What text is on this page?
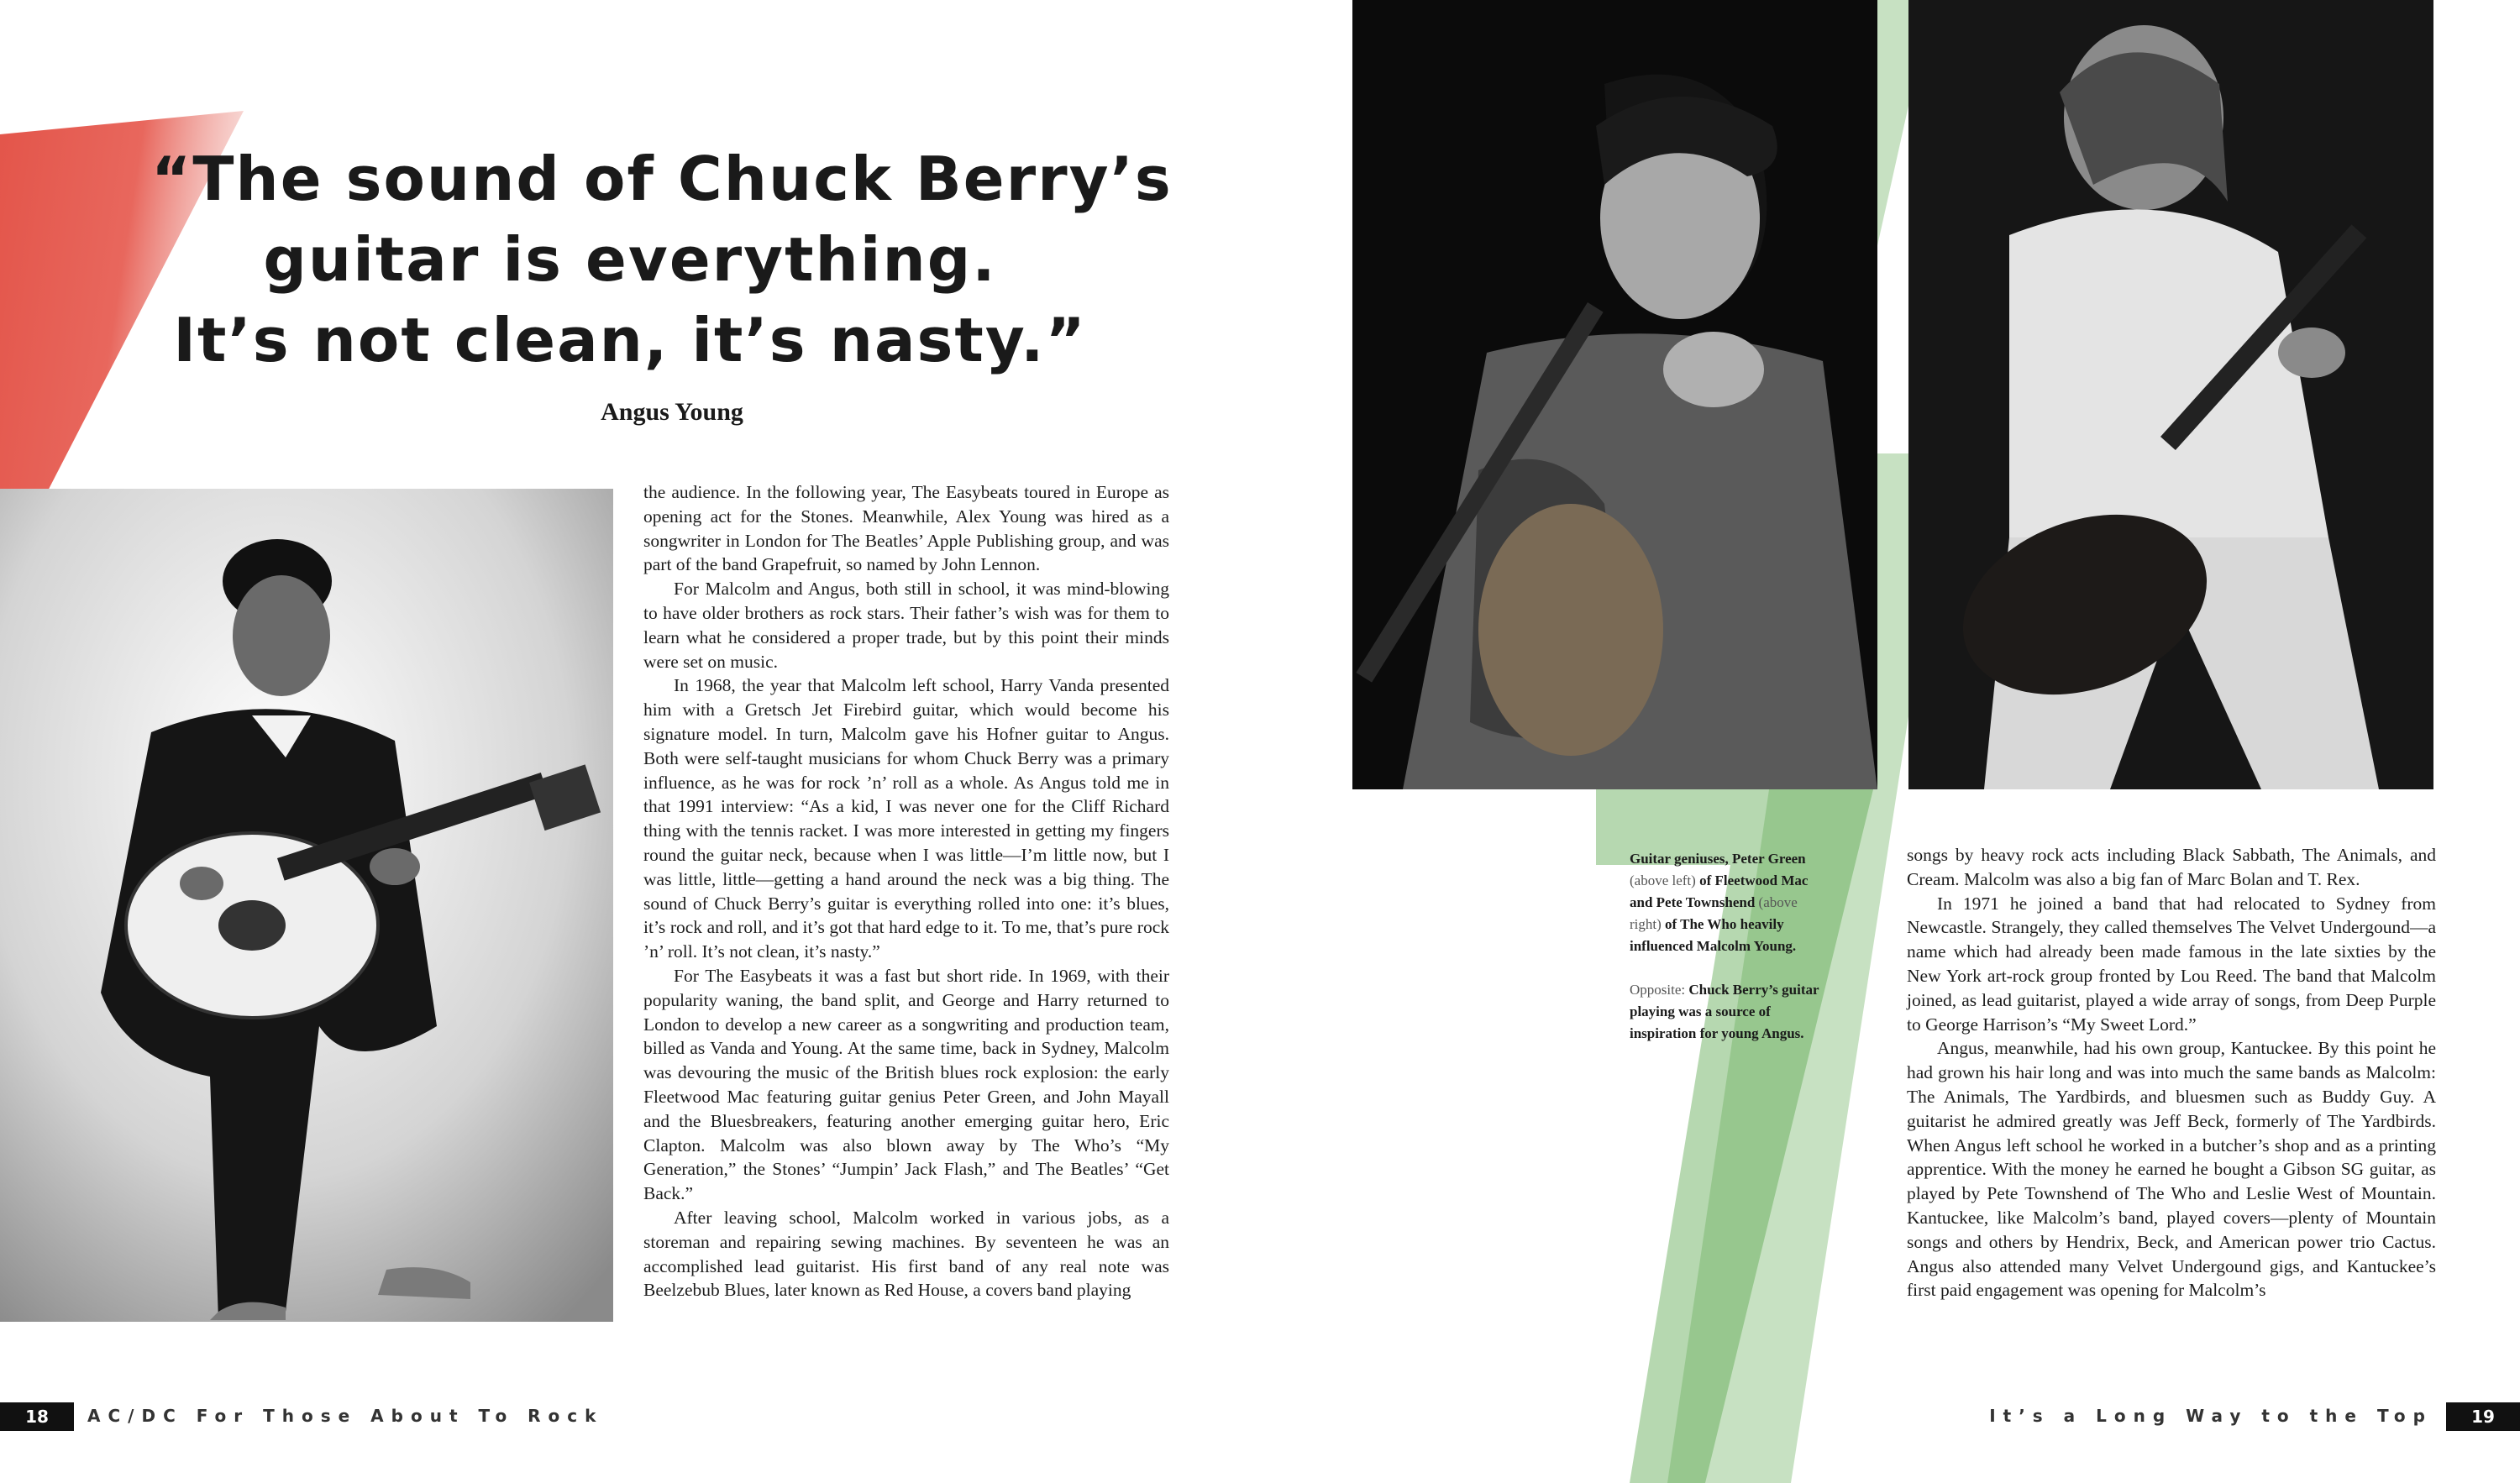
“The sound of Chuck Berry’s
guitar is everything.
It’s not clean, it’s nasty.”
Angus Young

the audience. In the following year, The Easybeats toured in Europe as opening act for the Stones. Meanwhile, Alex Young was hired as a songwriter in London for The Beatles’ Apple Publishing group, and was part of the band Grapefruit, so named by John Lennon.

For Malcolm and Angus, both still in school, it was mind-blowing to have older brothers as rock stars. Their father’s wish was for them to learn what he considered a proper trade, but by this point their minds were set on music.

In 1968, the year that Malcolm left school, Harry Vanda presented him with a Gretsch Jet Firebird guitar, which would become his signature model. In turn, Malcolm gave his Hofner guitar to Angus. Both were self-taught musicians for whom Chuck Berry was a primary influence, as he was for rock ’n’ roll as a whole. As Angus told me in that 1991 interview: “As a kid, I was never one for the Cliff Richard thing with the tennis racket. I was more interested in getting my fingers round the guitar neck, because when I was little—I’m little now, but I was little, little—getting a hand around the neck was a big thing. The sound of Chuck Berry’s guitar is everything rolled into one: it’s blues, it’s rock and roll, and it’s got that hard edge to it. To me, that’s pure rock ’n’ roll. It’s not clean, it’s nasty.”

For The Easybeats it was a fast but short ride. In 1969, with their popularity waning, the band split, and George and Harry returned to London to develop a new career as a songwriting and production team, billed as Vanda and Young. At the same time, back in Sydney, Malcolm was devouring the music of the British blues rock explosion: the early Fleetwood Mac featuring guitar genius Peter Green, and John Mayall and the Bluesbreakers, featuring another emerging guitar hero, Eric Clapton. Malcolm was also blown away by The Who’s “My Generation,” the Stones’ “Jumpin’ Jack Flash,” and The Beatles’ “Get Back.”

After leaving school, Malcolm worked in various jobs, as a storeman and repairing sewing machines. By seventeen he was an accomplished lead guitarist. His first band of any real note was Beelzebub Blues, later known as Red House, a covers band playing

Guitar geniuses, Peter Green (above left) of Fleetwood Mac and Pete Townshend (above right) of The Who heavily influenced Malcolm Young.
Opposite: Chuck Berry’s guitar playing was a source of inspiration for young Angus.

songs by heavy rock acts including Black Sabbath, The Animals, and Cream. Malcolm was also a big fan of Marc Bolan and T. Rex.

In 1971 he joined a band that had relocated to Sydney from Newcastle. Strangely, they called themselves The Velvet Undergound—a name which had already been made famous in the late sixties by the New York art-rock group fronted by Lou Reed. The band that Malcolm joined, as lead guitarist, played a wide array of songs, from Deep Purple to George Harrison’s “My Sweet Lord.”

Angus, meanwhile, had his own group, Kantuckee. By this point he had grown his hair long and was into much the same bands as Malcolm: The Animals, The Yardbirds, and bluesmen such as Buddy Guy. A guitarist he admired greatly was Jeff Beck, formerly of The Yardbirds. When Angus left school he worked in a butcher’s shop and as a printing apprentice. With the money he earned he bought a Gibson SG guitar, as played by Pete Townshend of The Who and Leslie West of Mountain. Kantuckee, like Malcolm’s band, played covers—plenty of Mountain songs and others by Hendrix, Beck, and American power trio Cactus. Angus also attended many Velvet Undergound gigs, and Kantuckee’s first paid engagement was opening for Malcolm’s

18	AC/DC For Those About To Rock	It’s a Long Way to the Top	19
